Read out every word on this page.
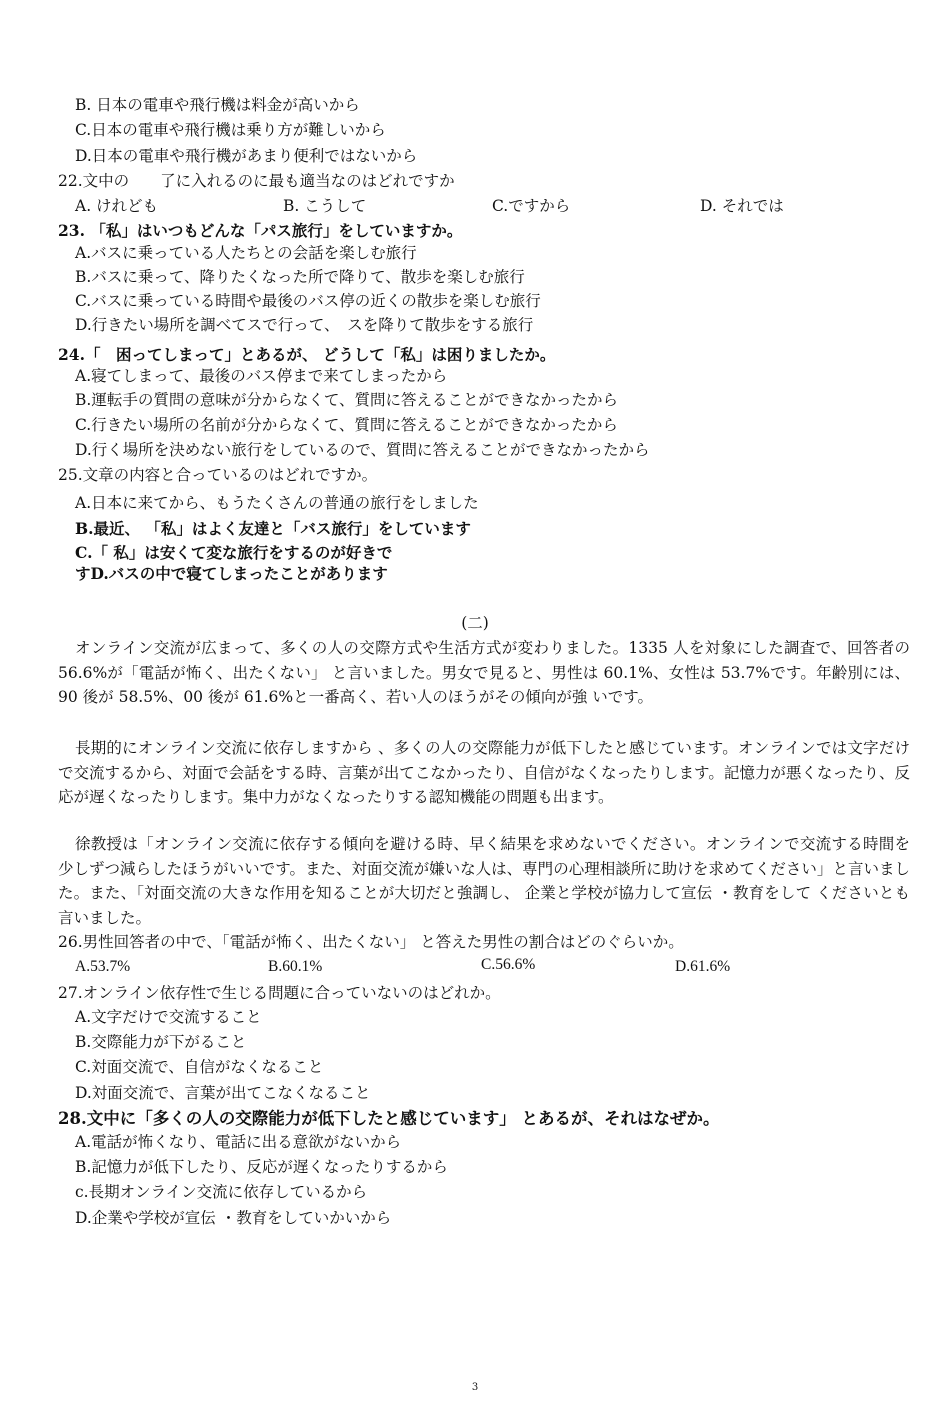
B. 日本の電車や飛行機は料金が高いから
C.日本の電車や飛行機は乗り方が難しいから
D.日本の電車や飛行機があまり便利ではないから
22.文中の　　了に入れるのに最も適当なのはどれですか
A. けれども	B. こうして	C.ですから	D. それでは
23. 「私」はいつもどんな「パス旅行」をしていますか。
A.バスに乗っている人たちとの会話を楽しむ旅行
B.バスに乗って、降りたくなった所で降りて、散歩を楽しむ旅行
C.バスに乗っている時間や最後のバス停の近くの散歩を楽しむ旅行
D.行きたい場所を調べてスで行って、　スを降りて散歩をする旅行
24.「　困ってしまって」とあるが、 どうして「私」は困りましたか。
A.寝てしまって、最後のバス停まで来てしまったから
B.運転手の質問の意味が分からなくて、質問に答えることができなかったから
C.行きたい場所の名前が分からなくて、質問に答えることができなかったから
D.行く場所を決めない旅行をしているので、質問に答えることができなかったから
25.文章の内容と合っているのはどれですか。
A.日本に来てから、もうたくさんの普通の旅行をしました
B.最近、 「私」はよく友達と「バス旅行」をしています
C.「 私」は安くて変な旅行をするのが好きで
すD.バスの中で寝てしまったことがあります
(二)
オンライン交流が広まって、多くの人の交際方式や生活方式が変わりました。1335 人を対象にした調査で、回答者の 56.6%が「電話が怖く、出たくない」 と言いました。男女で見ると、男性は 60.1%、女性は 53.7%です。年齢別には、90 後が 58.5%、00 後が 61.6%と一番高く、若い人のほうがその傾向が強 いです。
長期的にオンライン交流に依存しますから 、多くの人の交際能力が低下したと感じています。オンラインでは文字だけで交流するから、対面で会話をする時、言葉が出てこなかったり、自信がなくなったりします。記憶力が悪くなったり、反応が遅くなったりします。集中力がなくなったりする認知機能の問題も出ます。
徐教授は「オンライン交流に依存する傾向を避ける時、早く結果を求めないでください。オンラインで交流する時間を少しずつ減らしたほうがいいです。また、対面交流が嫌いな人は、専門の心理相談所に助けを求めてください」と言いました。また、「対面交流の大きな作用を知ることが大切だと強調し、 企業と学校が協力して宣伝 ・教育をして くださいとも言いました。
26.男性回答者の中で、「電話が怖く、出たくない」 と答えた男性の割合はどのぐらいか。
A.53.7%	B.60.1%	C.56.6%	D.61.6%
27.オンライン依存性で生じる問題に合っていないのはどれか。
A.文字だけで交流すること
B.交際能力が下がること
C.対面交流で、自信がなくなること
D.対面交流で、言葉が出てこなくなること
28.文中に「多くの人の交際能力が低下したと感じています」 とあるが、それはなぜか。
A.電話が怖くなり、電話に出る意欲がないから
B.記憶力が低下したり、反応が遅くなったりするから
c.長期オンライン交流に依存しているから
D.企業や学校が宣伝 ・教育をしていかいから
3
